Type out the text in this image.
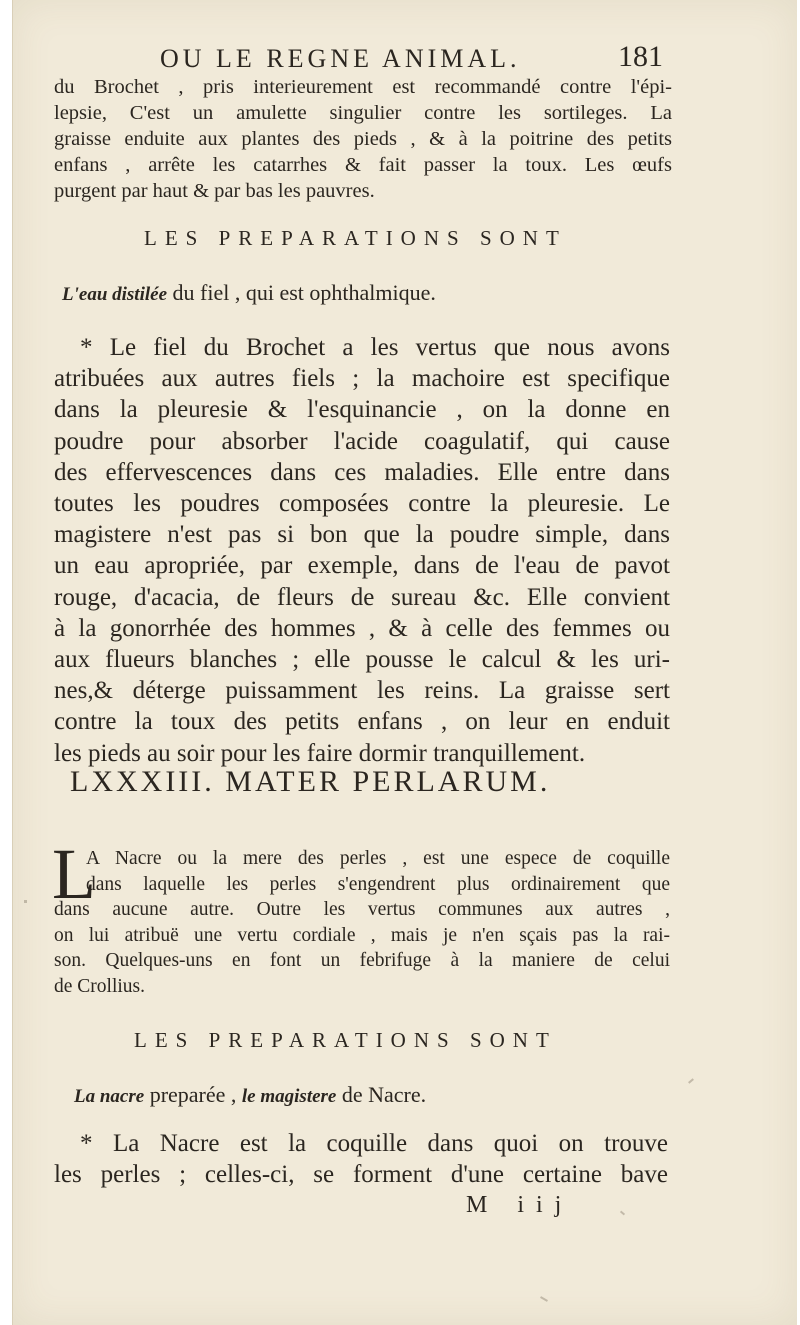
OU LE REGNE ANIMAL.	181
du Brochet , pris interieurement est recommandé contre l'épi-
lepsie, C'est un amulette singulier contre les sortileges. La
graisse enduite aux plantes des pieds , & à la poitrine des petits
enfans , arrête les catarrhes & fait passer la toux. Les œufs
purgent par haut & par bas les pauvres.
LES PREPARATIONS SONT
L'eau distilée du fiel , qui est ophthalmique.
* Le fiel du Brochet a les vertus que nous avons
atribuées aux autres fiels ; la machoire est specifique
dans la pleuresie & l'esquinancie , on la donne en
poudre pour absorber l'acide coagulatif, qui cause
des effervescences dans ces maladies. Elle entre dans
toutes les poudres composées contre la pleuresie. Le
magistere n'est pas si bon que la poudre simple, dans
un eau apropriée, par exemple, dans de l'eau de pavot
rouge, d'acacia, de fleurs de sureau &c. Elle convient
à la gonorrhée des hommes , & à celle des femmes ou
aux flueurs blanches ; elle pousse le calcul & les uri-
nes,& déterge puissamment les reins. La graisse sert
contre la toux des petits enfans , on leur en enduit
les pieds au soir pour les faire dormir tranquillement.
LXXXIII. MATER PERLARUM.
L
A Nacre ou la mere des perles , est une espece de coquille
dans laquelle les perles s'engendrent plus ordinairement que
dans aucune autre. Outre les vertus communes aux autres ,
on lui atribuë une vertu cordiale , mais je n'en sçais pas la rai-
son. Quelques-uns en font un febrifuge à la maniere de celui
de Crollius.
LES PREPARATIONS SONT
La nacre preparée , le magistere de Nacre.
* La Nacre est la coquille dans quoi on trouve
les perles ; celles-ci, se forment d'une certaine bave
M iij
